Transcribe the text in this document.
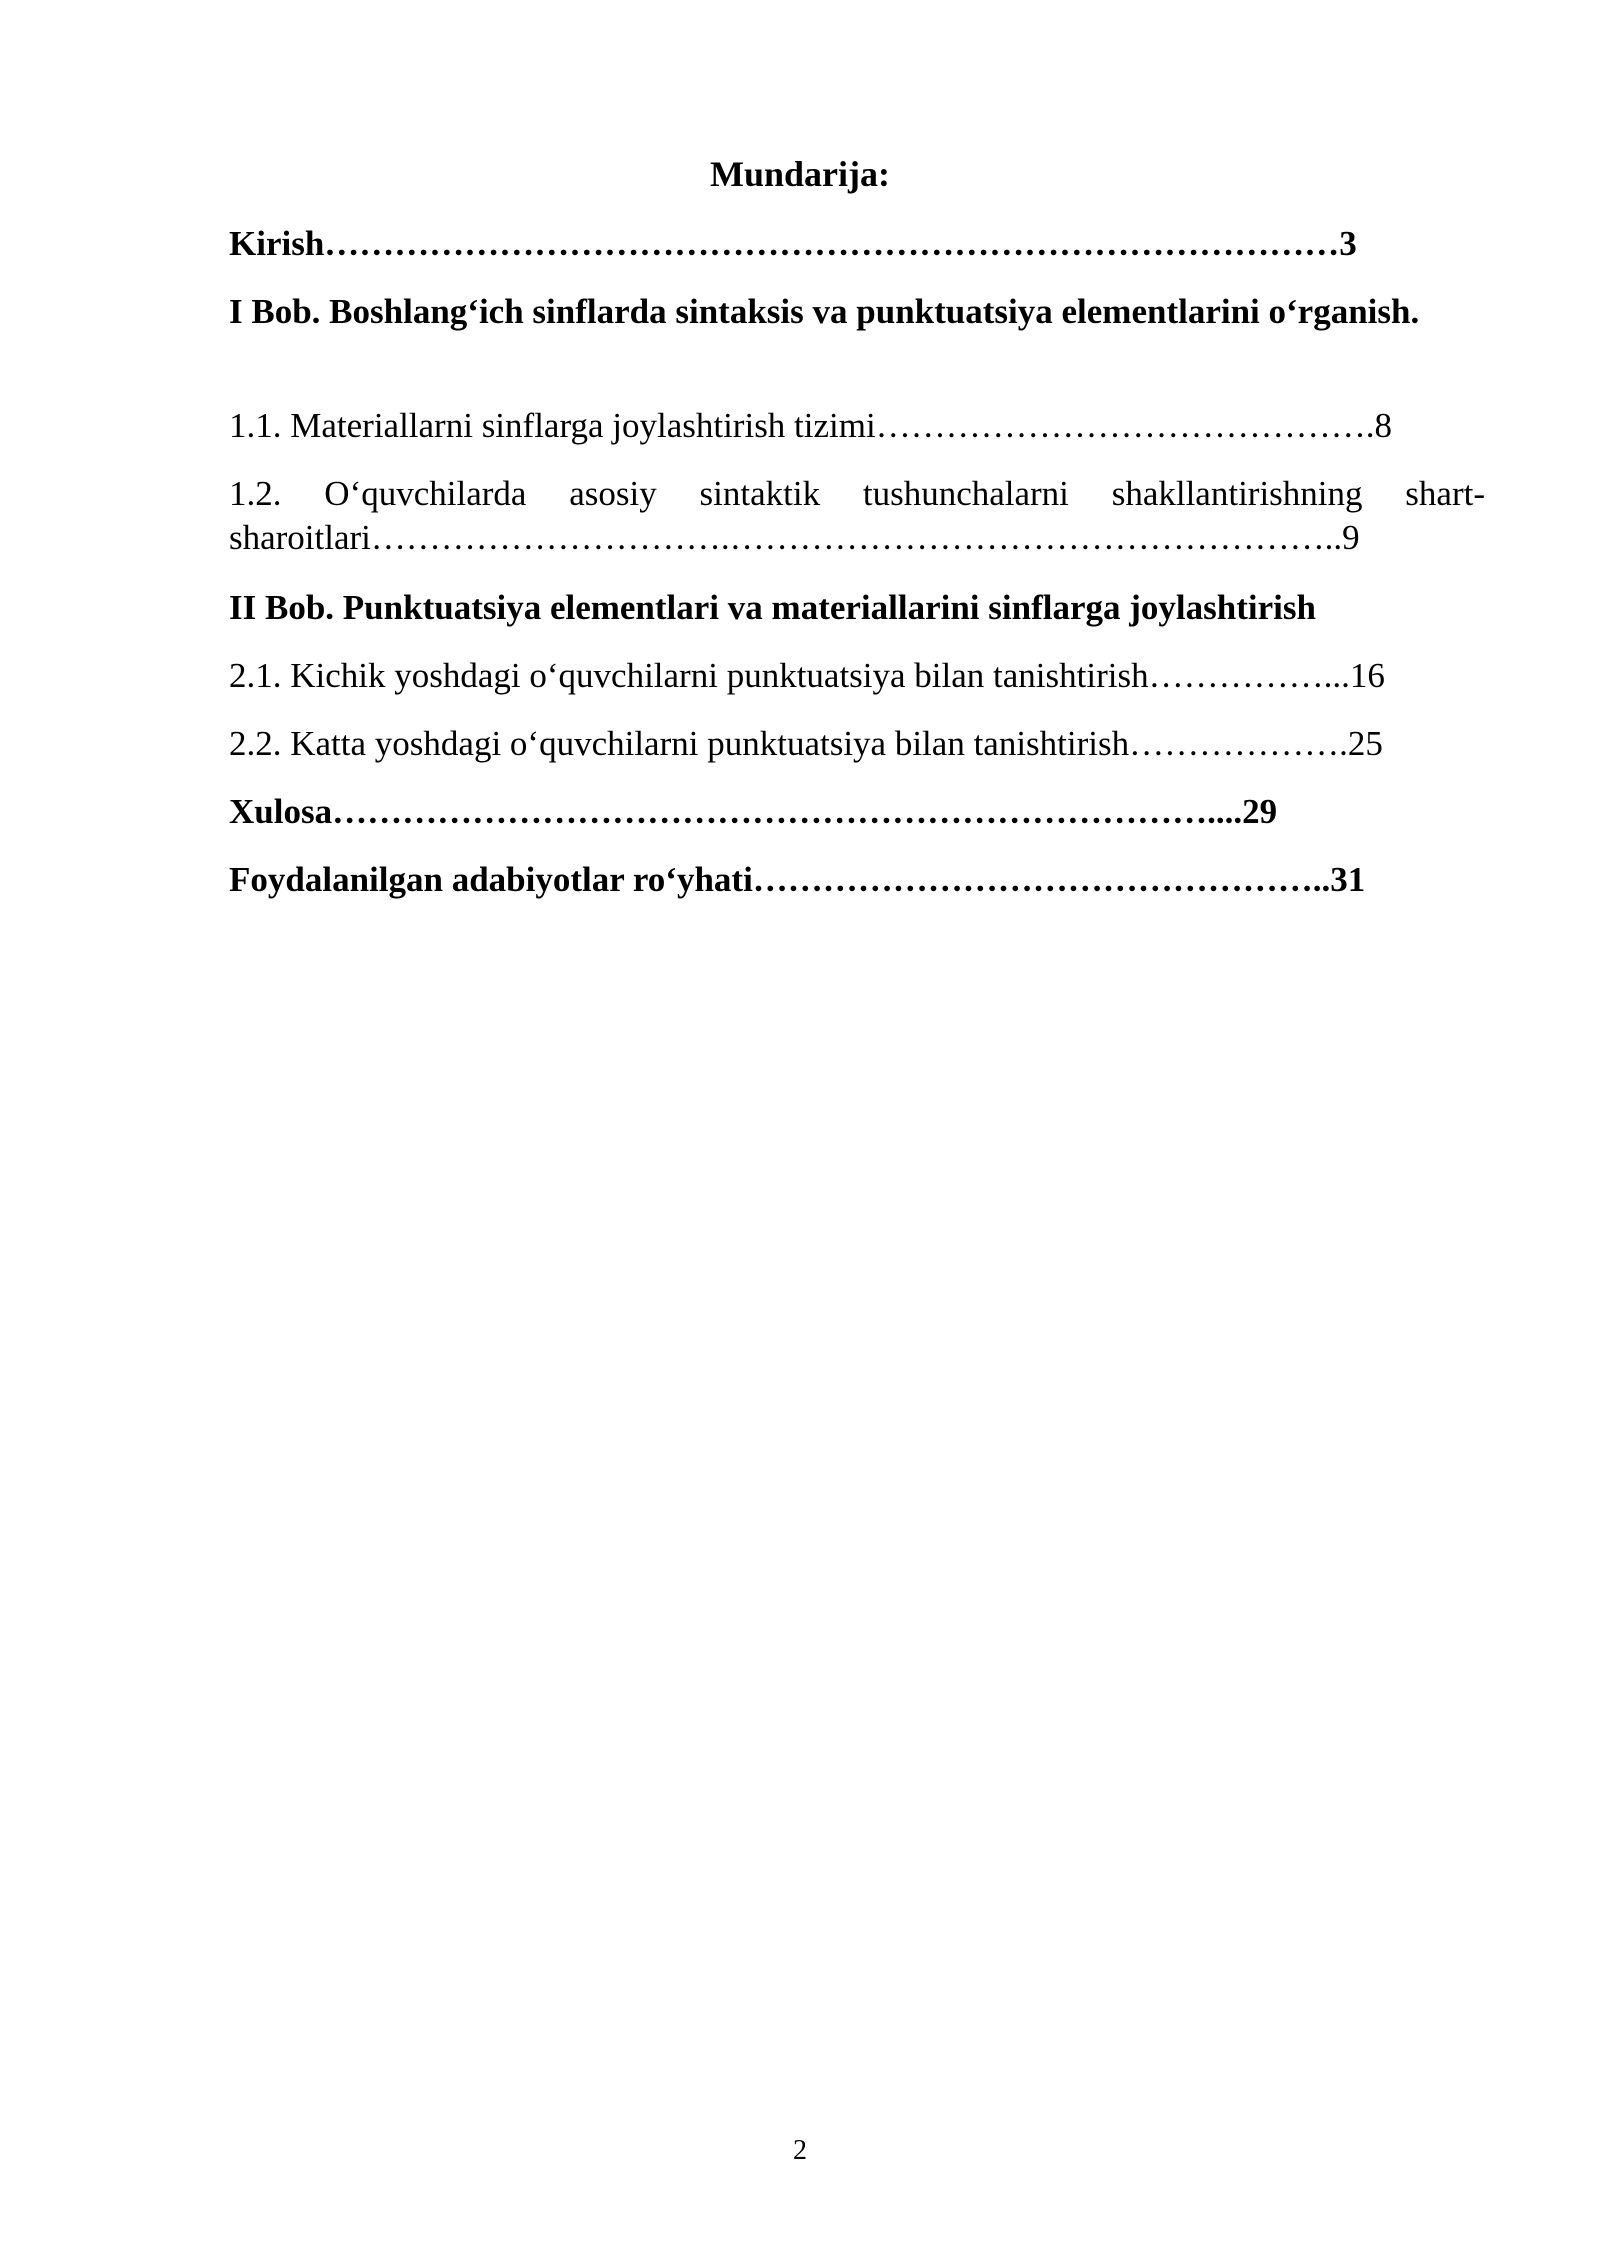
Mundarija:
Kirish……………………………………………………………………………3
I Bob. Boshlang‘ich sinflarda sintaksis va punktuatsiya elementlarini o‘rganish.
1.1. Materiallarni sinflarga joylashtirish tizimi…………………………………….8
1.2. O‘quvchilarda asosiy sintaktik tushunchalarni shakllantirishning shart-sharoitlari………………………….……………………………………………..9
II Bob. Punktuatsiya elementlari va materiallarini sinflarga joylashtirish
2.1. Kichik yoshdagi o‘quvchilarni punktuatsiya bilan tanishtirish……………...16
2.2. Katta yoshdagi o‘quvchilarni punktuatsiya bilan tanishtirish……………….25
Xulosa…………………………………………………………………....29
Foydalanilgan adabiyotlar ro‘yhati…………………………………………..31
2
